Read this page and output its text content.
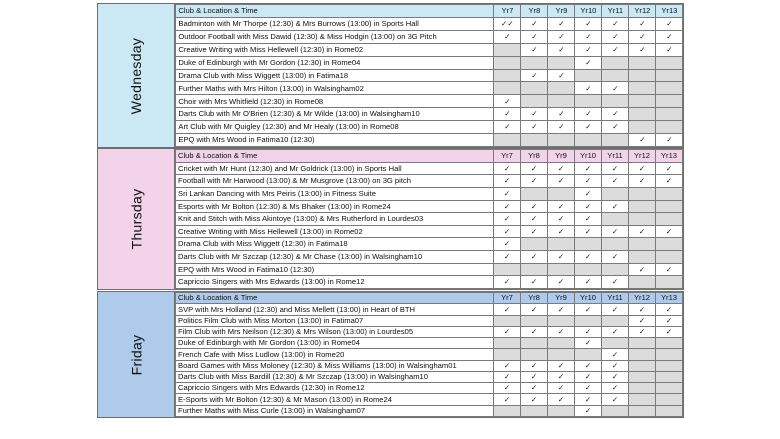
Wednesday
Club & Location & Time	Yr7	Yr8	Yr9	Yr10	Yr11	Yr12	Yr13
Badminton with Mr Thorpe (12:30) & Mrs Burrows (13:00) in Sports Hall	✓✓	✓	✓	✓	✓	✓	✓
Outdoor Football with Miss Dawid (12:30) & Miss Hodgin (13:00) on 3G Pitch	✓	✓	✓	✓	✓	✓	✓
Creative Writing with Miss Hellewell (12:30) in Rome02		✓	✓	✓	✓	✓	✓
Duke of Edinburgh with Mr Gordon (12:30) in Rome04				✓			
Drama Club with Miss Wiggett (13:00) in Fatima18		✓	✓				
Further Maths with Mrs Hilton (13:00) in Walsingham02				✓	✓		
Choir with Mrs Whitfield (12:30) in Rome08	✓						
Darts Club with Mr O'Brien (12:30) & Mr Wilde (13:00) in Walsingham10	✓	✓	✓	✓	✓		
Art Club with Mr Quigley (12:30) and Mr Healy (13:00) in Rome08	✓	✓	✓	✓	✓		
EPQ with Mrs Wood in Fatima10 (12:30)						✓	✓
Thursday
Club & Location & Time	Yr7	Yr8	Yr9	Yr10	Yr11	Yr12	Yr13
Cricket with Mr Hunt (12:30) and Mr Goldrick (13:00) in Sports Hall	✓	✓	✓	✓	✓	✓	✓
Football with Mr Harwood (13:00) & Mr Musgrove (13:00) on 3G pitch	✓	✓	✓	✓	✓	✓	✓
Sri Lankan Dancing with Mrs Peiris (13:00) in Fitness Suite	✓			✓			
Esports with Mr Bolton (12:30) & Ms Bhaker (13:00) in Rome24	✓	✓	✓	✓	✓		
Knit and Stitch with Miss Akintoye (13:00) & Mrs Rutherford in Lourdes03	✓	✓	✓	✓			
Creative Writing with Miss Hellewell (13:00) in Rome02	✓	✓	✓	✓	✓	✓	✓
Drama Club with Miss Wiggett (12:30) in Fatima18	✓						
Darts Club with Mr Szczap (12:30) & Mr Chase (13:00) in Walsingham10	✓	✓	✓	✓	✓		
EPQ with Mrs Wood in Fatima10 (12:30)						✓	✓
Capriccio Singers with Mrs Edwards (13:00) in Rome12	✓	✓	✓	✓	✓		
Friday
Club & Location & Time	Yr7	Yr8	Yr9	Yr10	Yr11	Yr12	Yr13
SVP with Mrs Holland (12:30) and Miss Mellett (13:00) in Heart of BTH	✓	✓	✓	✓	✓	✓	✓
Politics Film Club with Miss Morton (13:00) in Fatima07						✓	✓
Film Club with Mrs Neilson (12:30) & Mrs Wilson (13:00) in Lourdes05	✓	✓	✓	✓	✓	✓	✓
Duke of Edinburgh with Mr Gordon (13:00) in Rome04				✓			
French Cafe with Miss Ludlow (13:00) in Rome20					✓		
Board Games with Miss Moloney (12:30) & Miss Williams (13:00) in Walsingham01	✓	✓	✓	✓	✓		
Darts Club with Miss Bardill (12:30) & Mr Szczap (13:00) in Walsingham10	✓	✓	✓	✓	✓		
Capriccio Singers with Mrs Edwards (12:30) in Rome12	✓	✓	✓	✓	✓		
E-Sports with Mr Bolton (12:30) & Mr Mason (13:00) in Rome24	✓	✓	✓	✓	✓		
Further Maths with Miss Curle (13:00) in Walsingham07				✓			
